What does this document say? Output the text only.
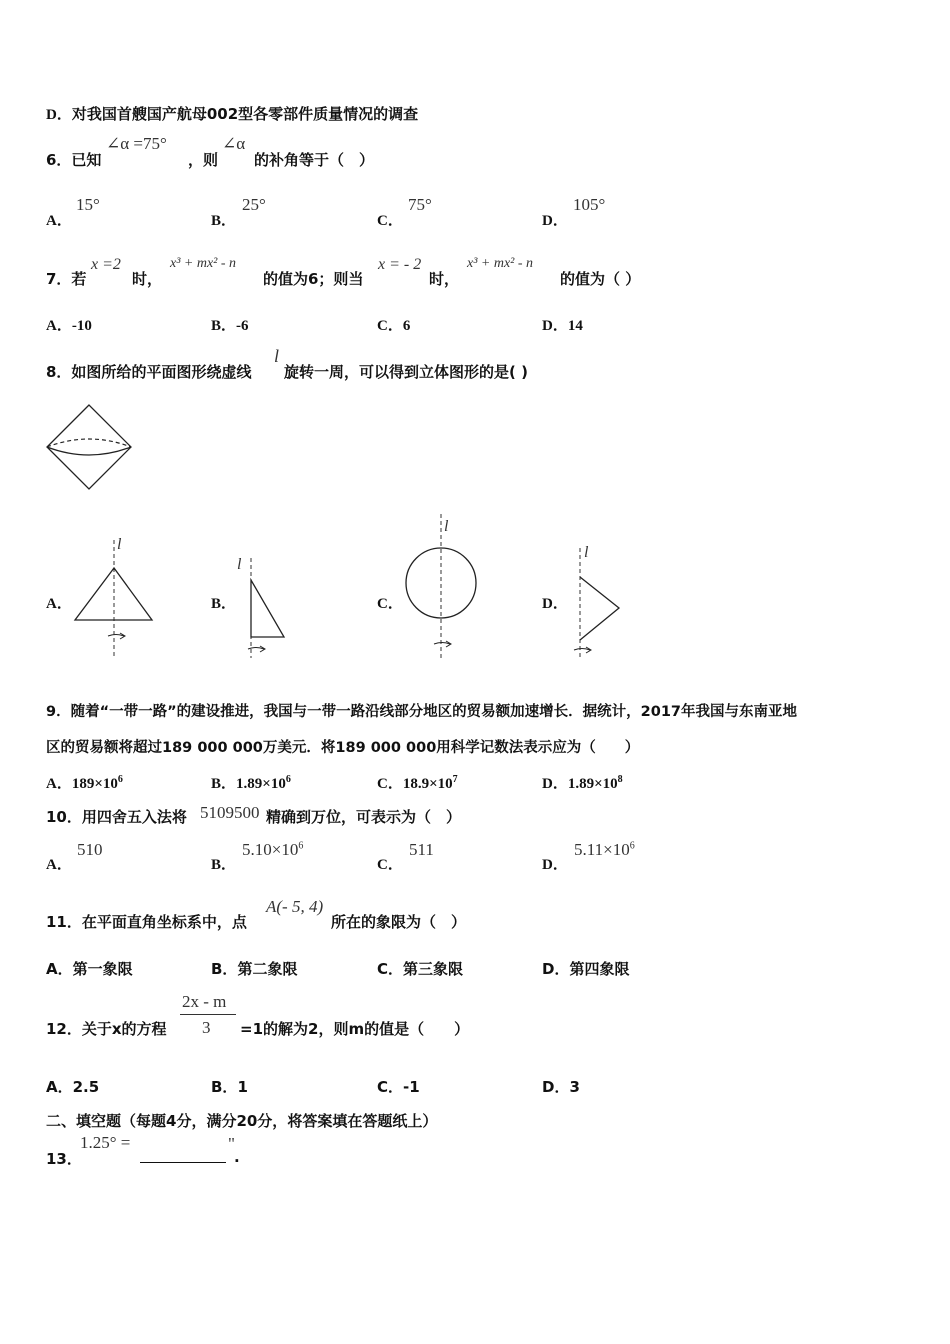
D．对我国首艘国产航母002型各零部件质量情况的调查
6．已知
∠α =75°
，则
∠α
的补角等于（　）
A．
15°
B．
25°
C．
75°
D．
105°
7．若
x =2
时，
x³ + mx² - n
的值为6；则当
x = - 2
时，
x³ + mx² - n
的值为（ ）
A．-10	B．-6	C．6	D．14
8．如图所给的平面图形绕虚线
l
旋转一周，可以得到立体图形的是( )
A．
l
B．
l
C．
l
D．
l
9．随着“一带一路”的建设推进，我国与一带一路沿线部分地区的贸易额加速增长．据统计，2017年我国与东南亚地
区的贸易额将超过189 000 000万美元．将189 000 000用科学记数法表示应为（　　）
A．$189\times 10^6$	B．$1.89\times 10^6$	C．$18.9\times 10^7$	D．$1.89\times 10^8$
10．用四舍五入法将 5109500 精确到万位，可表示为（　）
A．
510
B．
$5.10\times 10^6$
C．
511
D．
$5.11\times 10^6$
11．在平面直角坐标系中，点
A(- 5, 4)
所在的象限为（　）
A．第一象限	B．第二象限	C．第三象限	D．第四象限
12．关于x的方程
2x - m
3 =1的解为2，则m的值是（　　）
A．2.5	B．1	C．-1	D．3
二、填空题（每题4分，满分20分，将答案填在答题纸上）
13．
1.25° =	"
.
